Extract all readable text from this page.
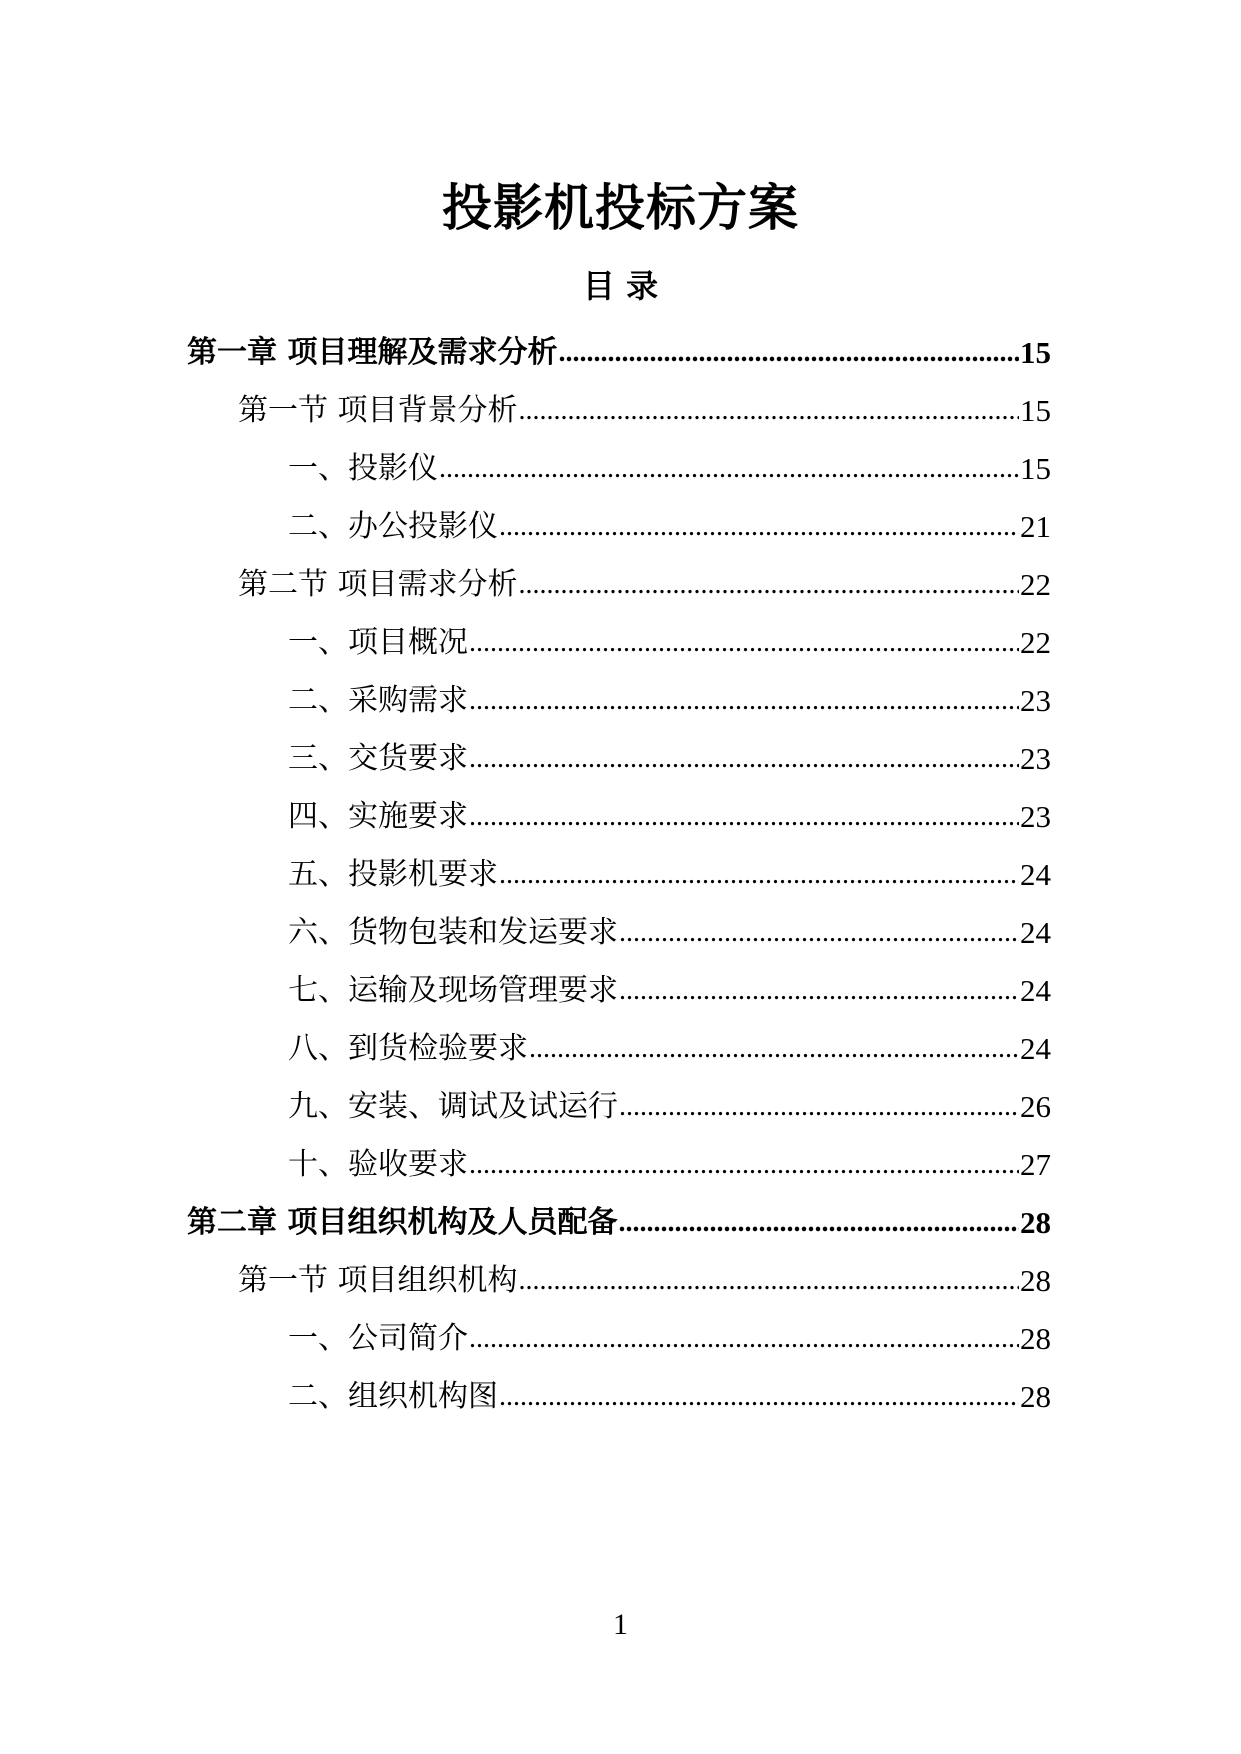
投影机投标方案
目 录
第一章 项目理解及需求分析 .....	15
第一节 项目背景分析 .....	15
一、投影仪 .....	15
二、办公投影仪 .....	21
第二节 项目需求分析 .....	22
一、项目概况 .....	22
二、采购需求 .....	23
三、交货要求 .....	23
四、实施要求 .....	23
五、投影机要求 .....	24
六、货物包装和发运要求 .....	24
七、运输及现场管理要求 .....	24
八、到货检验要求 .....	24
九、安装、调试及试运行 .....	26
十、验收要求 .....	27
第二章 项目组织机构及人员配备 .....	28
第一节 项目组织机构 .....	28
一、公司简介 .....	28
二、组织机构图 .....	28
1
